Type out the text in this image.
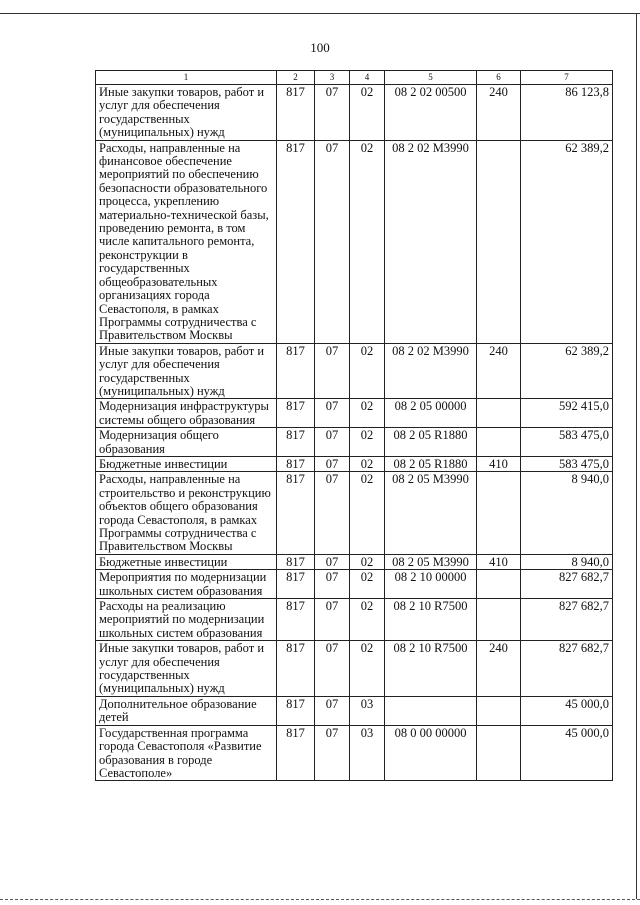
100
1	2	3	4	5	6	7
Иные закупки товаров, работ и услуг для обеспечения государственных (муниципальных) нужд	817	07	02	08 2 02 00500	240	86 123,8
Расходы, направленные на финансовое обеспечение мероприятий по обеспечению безопасности образовательного процесса, укреплению материально-технической базы, проведению ремонта, в том числе капитального ремонта, реконструкции в государственных общеобразовательных организациях города Севастополя, в рамках Программы сотрудничества с Правительством Москвы	817	07	02	08 2 02 М3990		62 389,2
Иные закупки товаров, работ и услуг для обеспечения государственных (муниципальных) нужд	817	07	02	08 2 02 М3990	240	62 389,2
Модернизация инфраструктуры системы общего образования	817	07	02	08 2 05 00000		592 415,0
Модернизация общего образования	817	07	02	08 2 05 R1880		583 475,0
Бюджетные инвестиции	817	07	02	08 2 05 R1880	410	583 475,0
Расходы, направленные на строительство и реконструкцию объектов общего образования города Севастополя, в рамках Программы сотрудничества с Правительством Москвы	817	07	02	08 2 05 М3990		8 940,0
Бюджетные инвестиции	817	07	02	08 2 05 М3990	410	8 940,0
Мероприятия по модернизации школьных систем образования	817	07	02	08 2 10 00000		827 682,7
Расходы на реализацию мероприятий по модернизации школьных систем образования	817	07	02	08 2 10 R7500		827 682,7
Иные закупки товаров, работ и услуг для обеспечения государственных (муниципальных) нужд	817	07	02	08 2 10 R7500	240	827 682,7
Дополнительное образование детей	817	07	03			45 000,0
Государственная программа города Севастополя «Развитие образования в городе Севастополе»	817	07	03	08 0 00 00000		45 000,0
